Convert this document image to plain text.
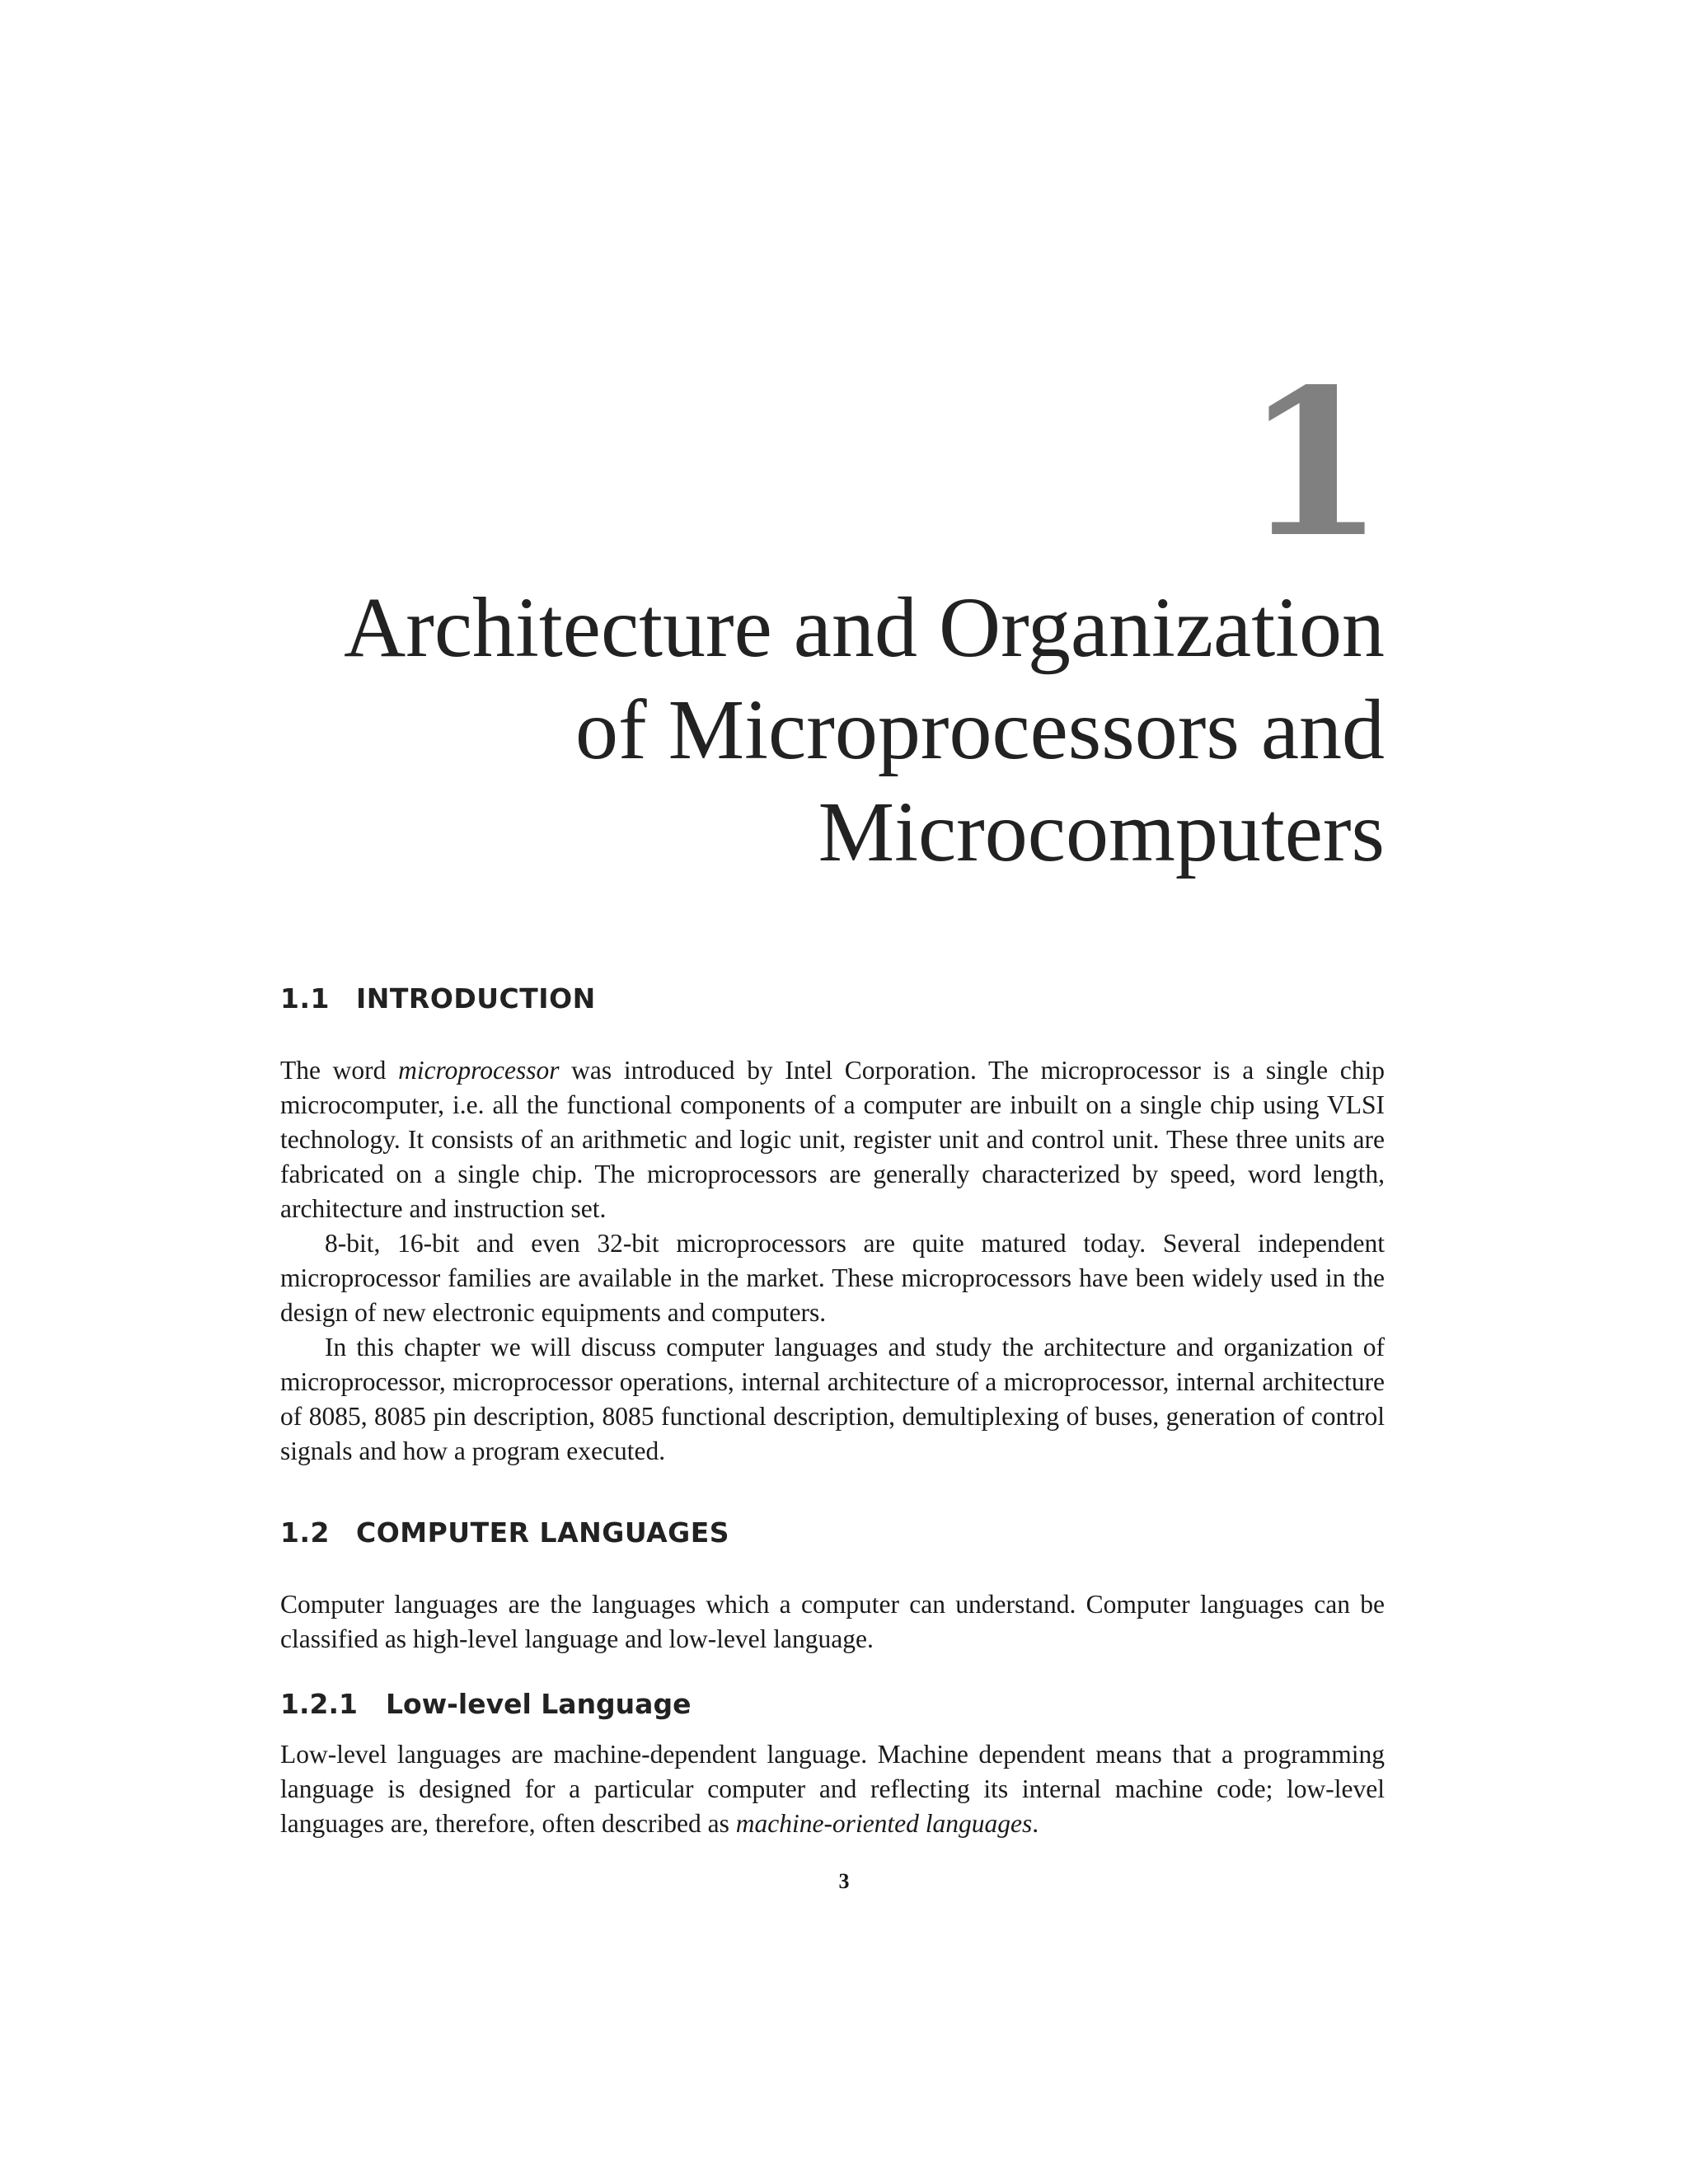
1
Architecture and Organization
of Microprocessors and
Microcomputers
1.1 INTRODUCTION

The word microprocessor was introduced by Intel Corporation. The microprocessor is a single chip microcomputer, i.e. all the functional components of a computer are inbuilt on a single chip using VLSI technology. It consists of an arithmetic and logic unit, register unit and control unit. These three units are fabricated on a single chip. The microprocessors are generally characterized by speed, word length, architecture and instruction set.

8-bit, 16-bit and even 32-bit microprocessors are quite matured today. Several independent microprocessor families are available in the market. These microprocessors have been widely used in the design of new electronic equipments and computers.

In this chapter we will discuss computer languages and study the architecture and organization of microprocessor, microprocessor operations, internal architecture of a microprocessor, internal architecture of 8085, 8085 pin description, 8085 functional description, demultiplexing of buses, generation of control signals and how a program executed.

1.2 COMPUTER LANGUAGES

Computer languages are the languages which a computer can understand. Computer languages can be classified as high-level language and low-level language.

1.2.1 Low-level Language

Low-level languages are machine-dependent language. Machine dependent means that a programming language is designed for a particular computer and reflecting its internal machine code; low-level languages are, therefore, often described as machine-oriented languages.

3
